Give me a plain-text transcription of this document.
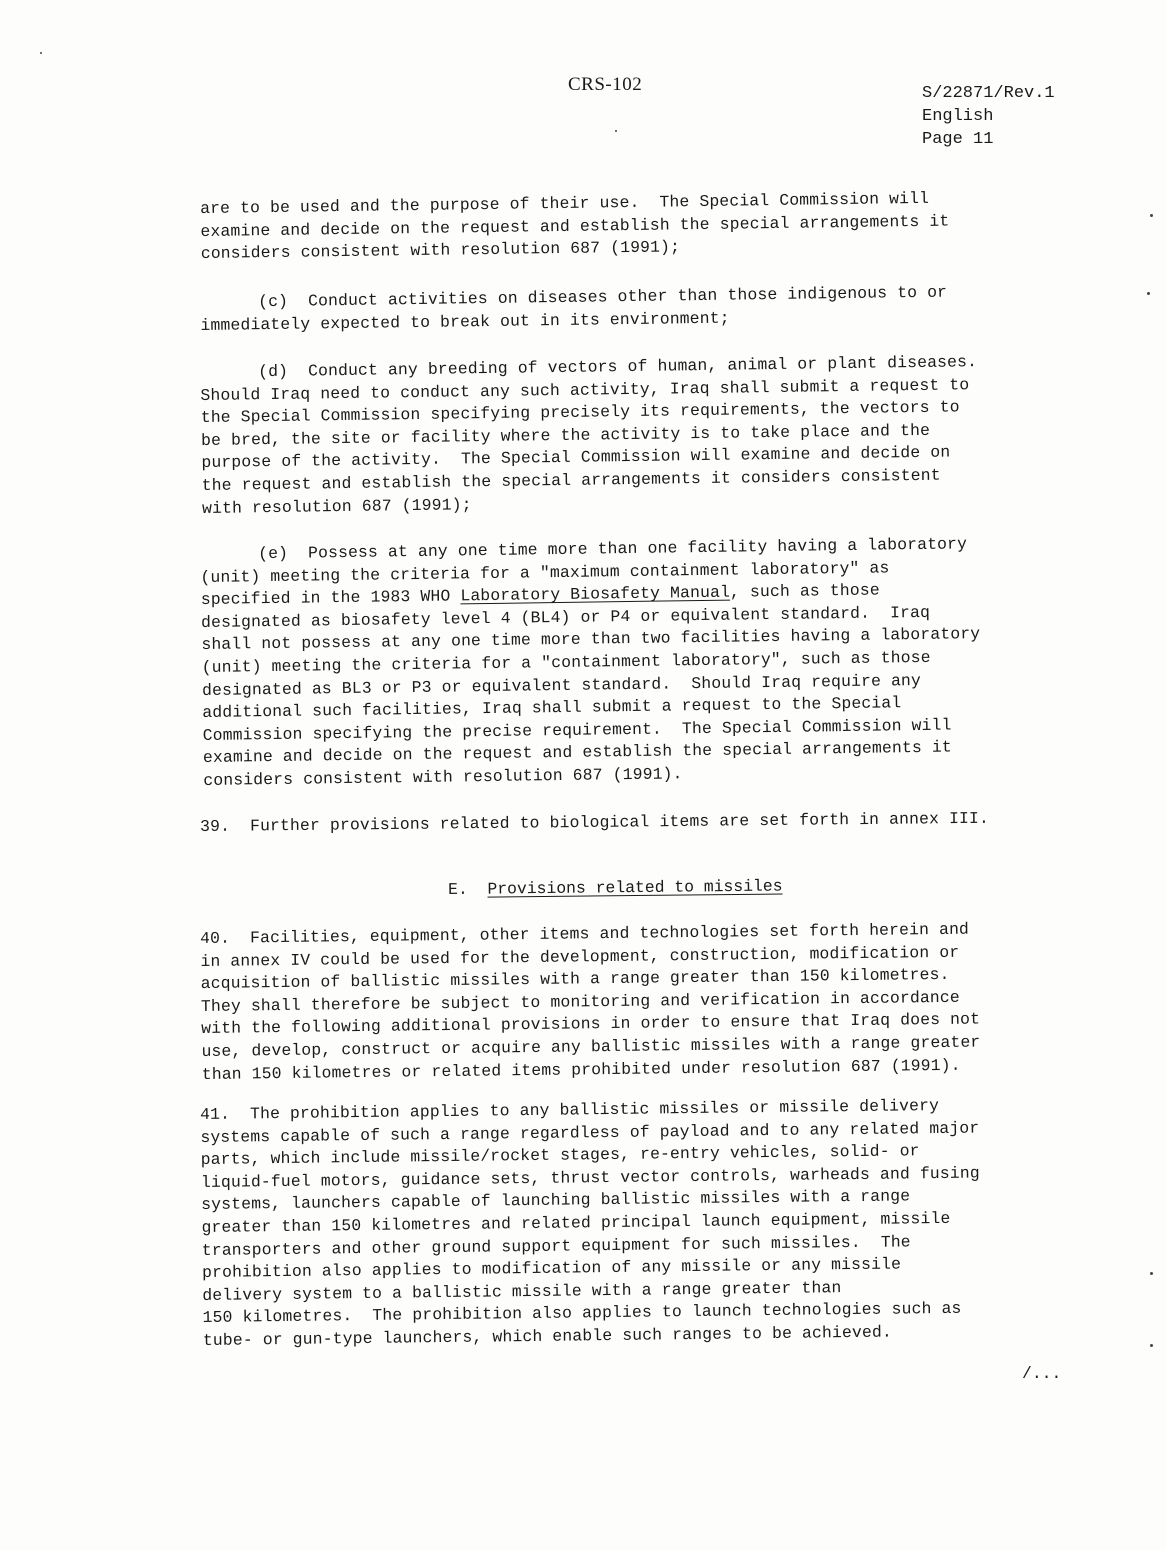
CRS-102	S/22871/Rev.1
English
Page 11
are to be used and the purpose of their use.  The Special Commission will
examine and decide on the request and establish the special arrangements it
considers consistent with resolution 687 (1991);
(c)  Conduct activities on diseases other than those indigenous to or
immediately expected to break out in its environment;
(d)  Conduct any breeding of vectors of human, animal or plant diseases.
Should Iraq need to conduct any such activity, Iraq shall submit a request to
the Special Commission specifying precisely its requirements, the vectors to
be bred, the site or facility where the activity is to take place and the
purpose of the activity.  The Special Commission will examine and decide on
the request and establish the special arrangements it considers consistent
with resolution 687 (1991);
(e)  Possess at any one time more than one facility having a laboratory
(unit) meeting the criteria for a "maximum containment laboratory" as
specified in the 1983 WHO Laboratory Biosafety Manual, such as those
designated as biosafety level 4 (BL4) or P4 or equivalent standard.  Iraq
shall not possess at any one time more than two facilities having a laboratory
(unit) meeting the criteria for a "containment laboratory", such as those
designated as BL3 or P3 or equivalent standard.  Should Iraq require any
additional such facilities, Iraq shall submit a request to the Special
Commission specifying the precise requirement.  The Special Commission will
examine and decide on the request and establish the special arrangements it
considers consistent with resolution 687 (1991).
39.  Further provisions related to biological items are set forth in annex III.
E.  Provisions related to missiles
40.  Facilities, equipment, other items and technologies set forth herein and
in annex IV could be used for the development, construction, modification or
acquisition of ballistic missiles with a range greater than 150 kilometres.
They shall therefore be subject to monitoring and verification in accordance
with the following additional provisions in order to ensure that Iraq does not
use, develop, construct or acquire any ballistic missiles with a range greater
than 150 kilometres or related items prohibited under resolution 687 (1991).
41.  The prohibition applies to any ballistic missiles or missile delivery
systems capable of such a range regardless of payload and to any related major
parts, which include missile/rocket stages, re-entry vehicles, solid- or
liquid-fuel motors, guidance sets, thrust vector controls, warheads and fusing
systems, launchers capable of launching ballistic missiles with a range
greater than 150 kilometres and related principal launch equipment, missile
transporters and other ground support equipment for such missiles.  The
prohibition also applies to modification of any missile or any missile
delivery system to a ballistic missile with a range greater than
150 kilometres.  The prohibition also applies to launch technologies such as
tube- or gun-type launchers, which enable such ranges to be achieved.
/...
